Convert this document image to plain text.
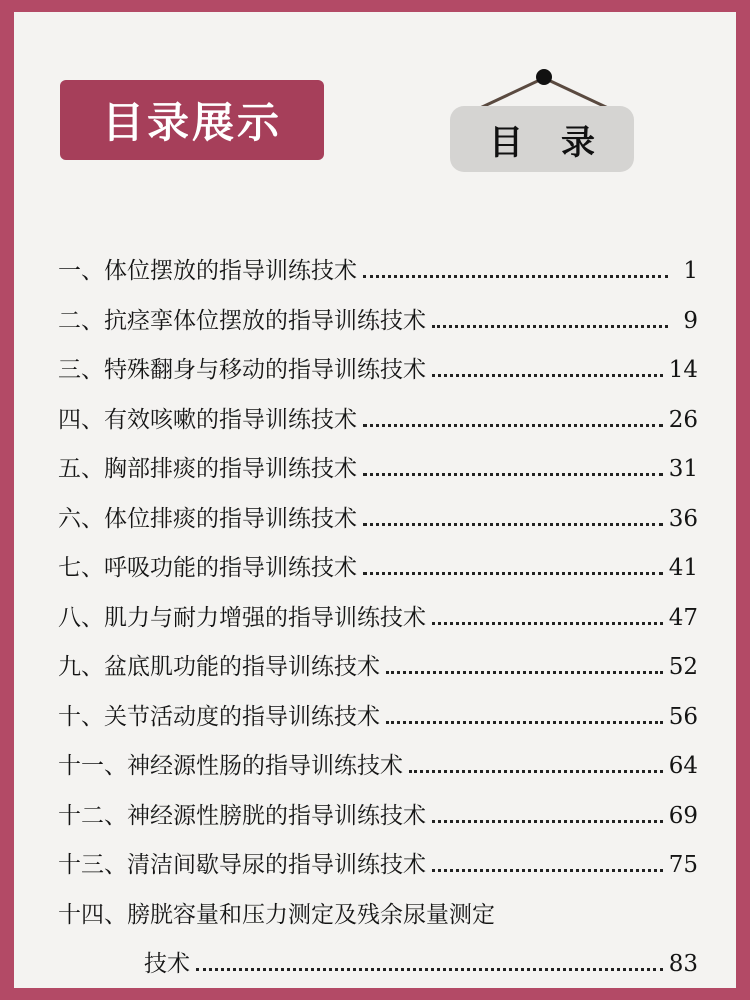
目录展示	目录
一、体位摆放的指导训练技术	1
二、抗痉挛体位摆放的指导训练技术	9
三、特殊翻身与移动的指导训练技术	14
四、有效咳嗽的指导训练技术	26
五、胸部排痰的指导训练技术	31
六、体位排痰的指导训练技术	36
七、呼吸功能的指导训练技术	41
八、肌力与耐力增强的指导训练技术	47
九、盆底肌功能的指导训练技术	52
十、关节活动度的指导训练技术	56
十一、神经源性肠的指导训练技术	64
十二、神经源性膀胱的指导训练技术	69
十三、清洁间歇导尿的指导训练技术	75
十四、膀胱容量和压力测定及残余尿量测定
技术	83
